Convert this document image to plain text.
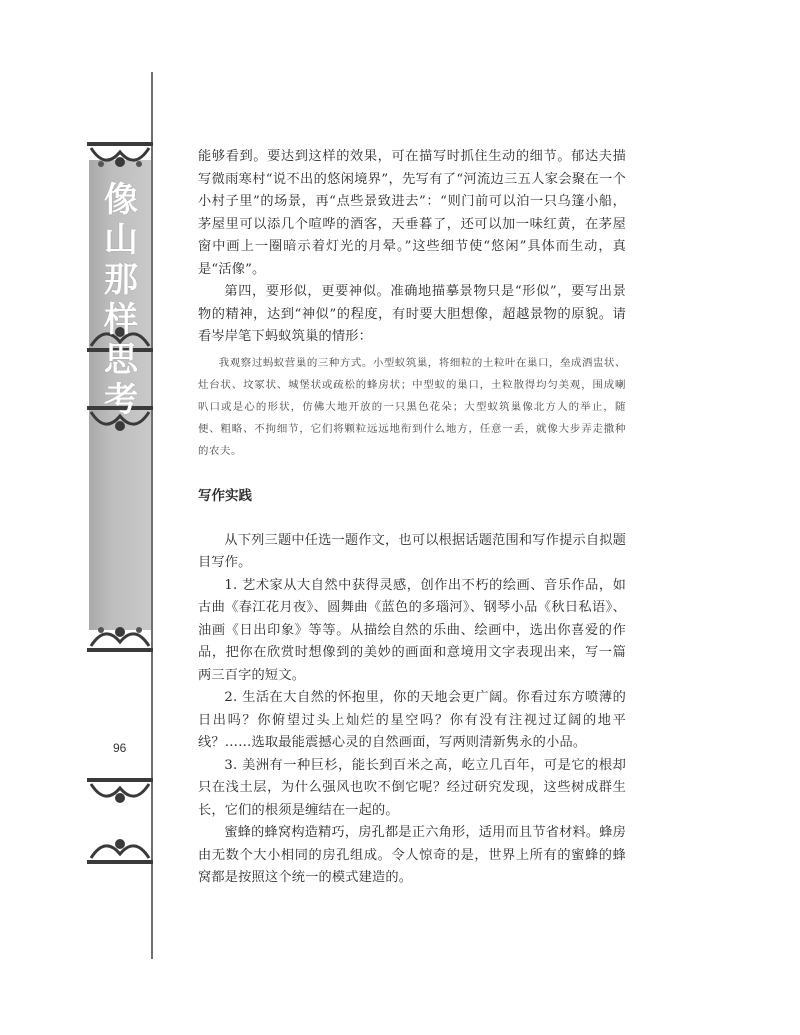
像
山
那
样
思
考
96

能够看到。要达到这样的效果，可在描写时抓住生动的细节。郁达夫描写微雨寒村“说不出的悠闲境界”，先写有了“河流边三五人家会聚在一个小村子里”的场景，再“点些景致进去”：“则门前可以泊一只乌篷小船，茅屋里可以添几个喧哗的酒客，天垂暮了，还可以加一味红黄，在茅屋窗中画上一圈暗示着灯光的月晕。”这些细节使“悠闲”具体而生动，真是“活像”。

第四，要形似，更要神似。准确地描摹景物只是“形似”，要写出景物的精神，达到“神似”的程度，有时要大胆想像，超越景物的原貌。请看岑岸笔下蚂蚁筑巢的情形：

我观察过蚂蚁营巢的三种方式。小型蚁筑巢，将细粒的土粒叶在巢口，垒成酒盅状、灶台状、坟冢状、城堡状或疏松的蜂房状；中型蚁的巢口，土粒散得均匀美观，围成喇叭口或是心的形状，仿佛大地开放的一只黑色花朵；大型蚁筑巢像北方人的举止，随便、粗略、不拘细节，它们将颗粒远远地衔到什么地方，任意一丢，就像大步弄走撒种的农夫。

写作实践

从下列三题中任选一题作文，也可以根据话题范围和写作提示自拟题目写作。

1. 艺术家从大自然中获得灵感，创作出不朽的绘画、音乐作品，如古曲《春江花月夜》、圆舞曲《蓝色的多瑙河》、钢琴小品《秋日私语》、油画《日出印象》等等。从描绘自然的乐曲、绘画中，选出你喜爱的作品，把你在欣赏时想像到的美妙的画面和意境用文字表现出来，写一篇两三百字的短文。

2. 生活在大自然的怀抱里，你的天地会更广阔。你看过东方喷薄的日出吗？你俯望过头上灿烂的星空吗？你有没有注视过辽阔的地平线？……选取最能震撼心灵的自然画面，写两则清新隽永的小品。

3. 美洲有一种巨杉，能长到百米之高，屹立几百年，可是它的根却只在浅土层，为什么强风也吹不倒它呢？经过研究发现，这些树成群生长，它们的根须是缠结在一起的。

蜜蜂的蜂窝构造精巧，房孔都是正六角形，适用而且节省材料。蜂房由无数个大小相同的房孔组成。令人惊奇的是，世界上所有的蜜蜂的蜂窝都是按照这个统一的模式建造的。
